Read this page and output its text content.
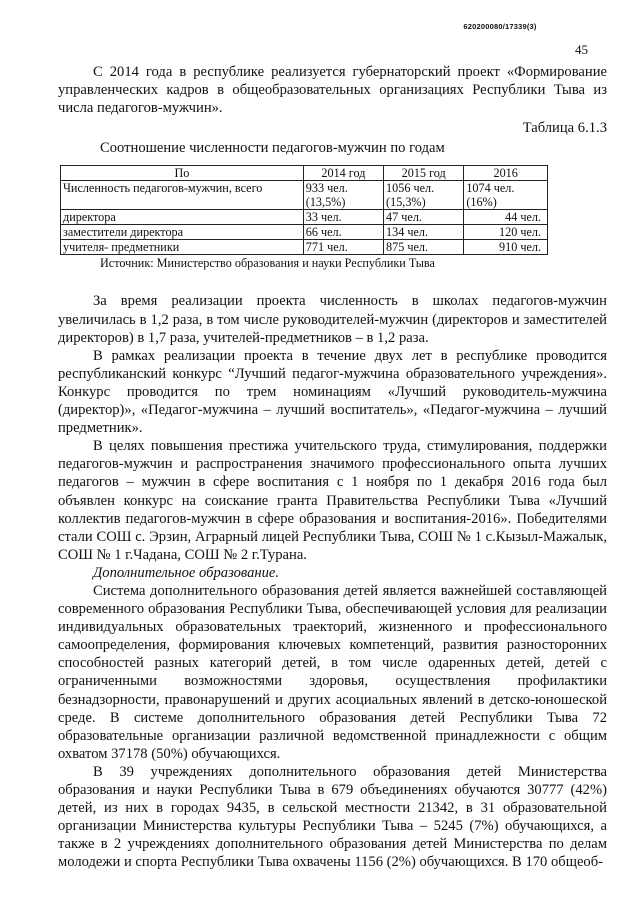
620200080/17339(3)
45

С 2014 года в республике реализуется губернаторский проект «Формирование управленческих кадров в общеобразовательных организациях Республики Тыва из числа педагогов-мужчин».

Таблица 6.1.3

Соотношение численности педагогов-мужчин по годам

По	2014 год	2015 год	2016
Численность педагогов-мужчин, всего	933 чел. (13,5%)	1056 чел. (15,3%)	1074 чел. (16%)
директора	33 чел.	47 чел.	44 чел.
заместители директора	66 чел.	134 чел.	120 чел.
учителя- предметники	771 чел.	875 чел.	910 чел.
Источник: Министерство образования и науки Республики Тыва

За время реализации проекта численность в школах педагогов-мужчин увеличилась в 1,2 раза, в том числе руководителей-мужчин (директоров и заместителей директоров) в 1,7 раза, учителей-предметников – в 1,2 раза.

В рамках реализации проекта в течение двух лет в республике проводится республиканский конкурс “Лучший педагог-мужчина образовательного учреждения». Конкурс проводится по трем номинациям «Лучший руководитель-мужчина (директор)», «Педагог-мужчина – лучший воспитатель», «Педагог-мужчина – лучший предметник».

В целях повышения престижа учительского труда, стимулирования, поддержки педагогов-мужчин и распространения значимого профессионального опыта лучших педагогов – мужчин в сфере воспитания с 1 ноября по 1 декабря 2016 года был объявлен конкурс на соискание гранта Правительства Республики Тыва «Лучший коллектив педагогов-мужчин в сфере образования и воспитания-2016». Победителями стали СОШ с. Эрзин, Аграрный лицей Республики Тыва, СОШ № 1 с.Кызыл-Мажалык, СОШ № 1 г.Чадана, СОШ № 2 г.Турана.

Дополнительное образование.

Система дополнительного образования детей является важнейшей составляющей современного образования Республики Тыва, обеспечивающей условия для реализации индивидуальных образовательных траекторий, жизненного и профессионального самоопределения, формирования ключевых компетенций, развития разносторонних способностей разных категорий детей, в том числе одаренных детей, детей с ограниченными возможностями здоровья, осуществления профилактики безнадзорности, правонарушений и других асоциальных явлений в детско-юношеской среде. В системе дополнительного образования детей Республики Тыва 72 образовательные организации различной ведомственной принадлежности с общим охватом 37178 (50%) обучающихся.

В 39 учреждениях дополнительного образования детей Министерства образования и науки Республики Тыва в 679 объединениях обучаются 30777 (42%) детей, из них в городах 9435, в сельской местности 21342, в 31 образовательной организации Министерства культуры Республики Тыва – 5245 (7%) обучающихся, а также в 2 учреждениях дополнительного образования детей Министерства по делам молодежи и спорта Республики Тыва охвачены 1156 (2%) обучающихся. В 170 общеоб-
